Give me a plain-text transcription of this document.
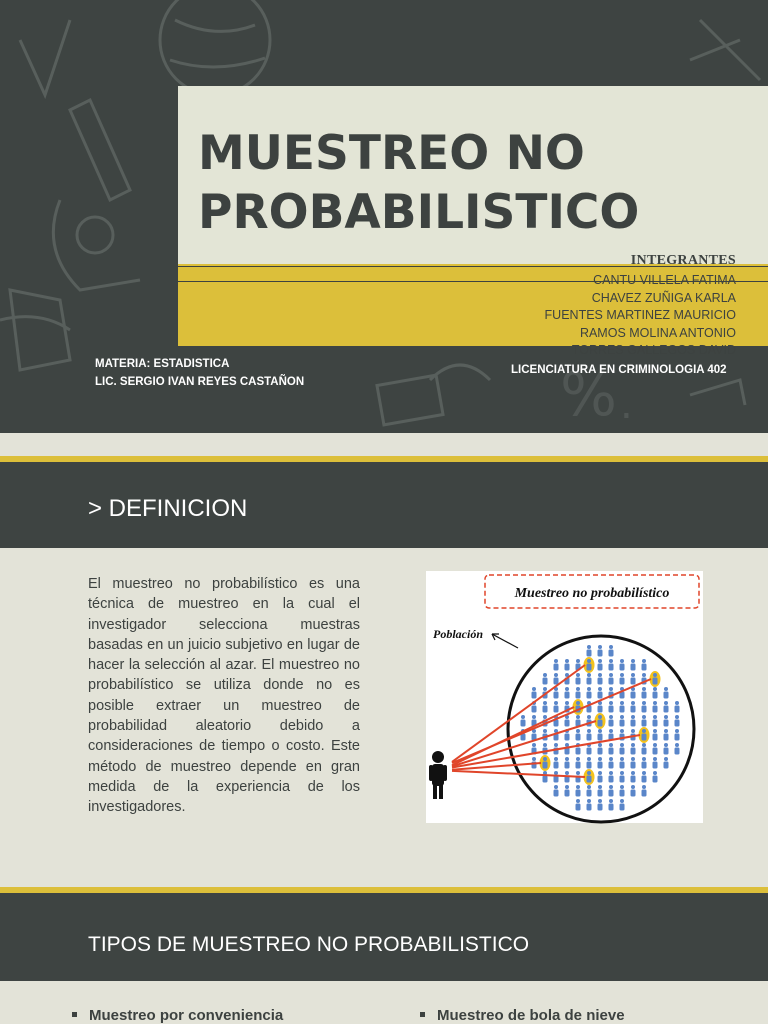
% .
MUESTREO NO
PROBABILISTICO
INTEGRANTES
CANTU VILLELA FATIMA
CHAVEZ ZUÑIGA KARLA
FUENTES MARTINEZ MAURICIO
RAMOS MOLINA ANTONIO
TORRES GALLEGOS DAVID
MATERIA: ESTADISTICA
LIC. SERGIO IVAN REYES CASTAÑON
LICENCIATURA EN CRIMINOLOGIA 402
> DEFINICION

El muestreo no probabilístico es una técnica de muestreo en la cual el investigador selecciona muestras basadas en un juicio subjetivo en lugar de hacer la selección al azar. El muestreo no probabilístico se utiliza donde no es posible extraer un muestreo de probabilidad aleatorio debido a consideraciones de tiempo o costo. Este método de muestreo depende en gran medida de la experiencia de los investigadores.

Muestreo no probabilístico
Población
TIPOS DE MUESTREO NO PROBABILISTICO
Muestreo por conveniencia	Muestreo de bola de nieve
